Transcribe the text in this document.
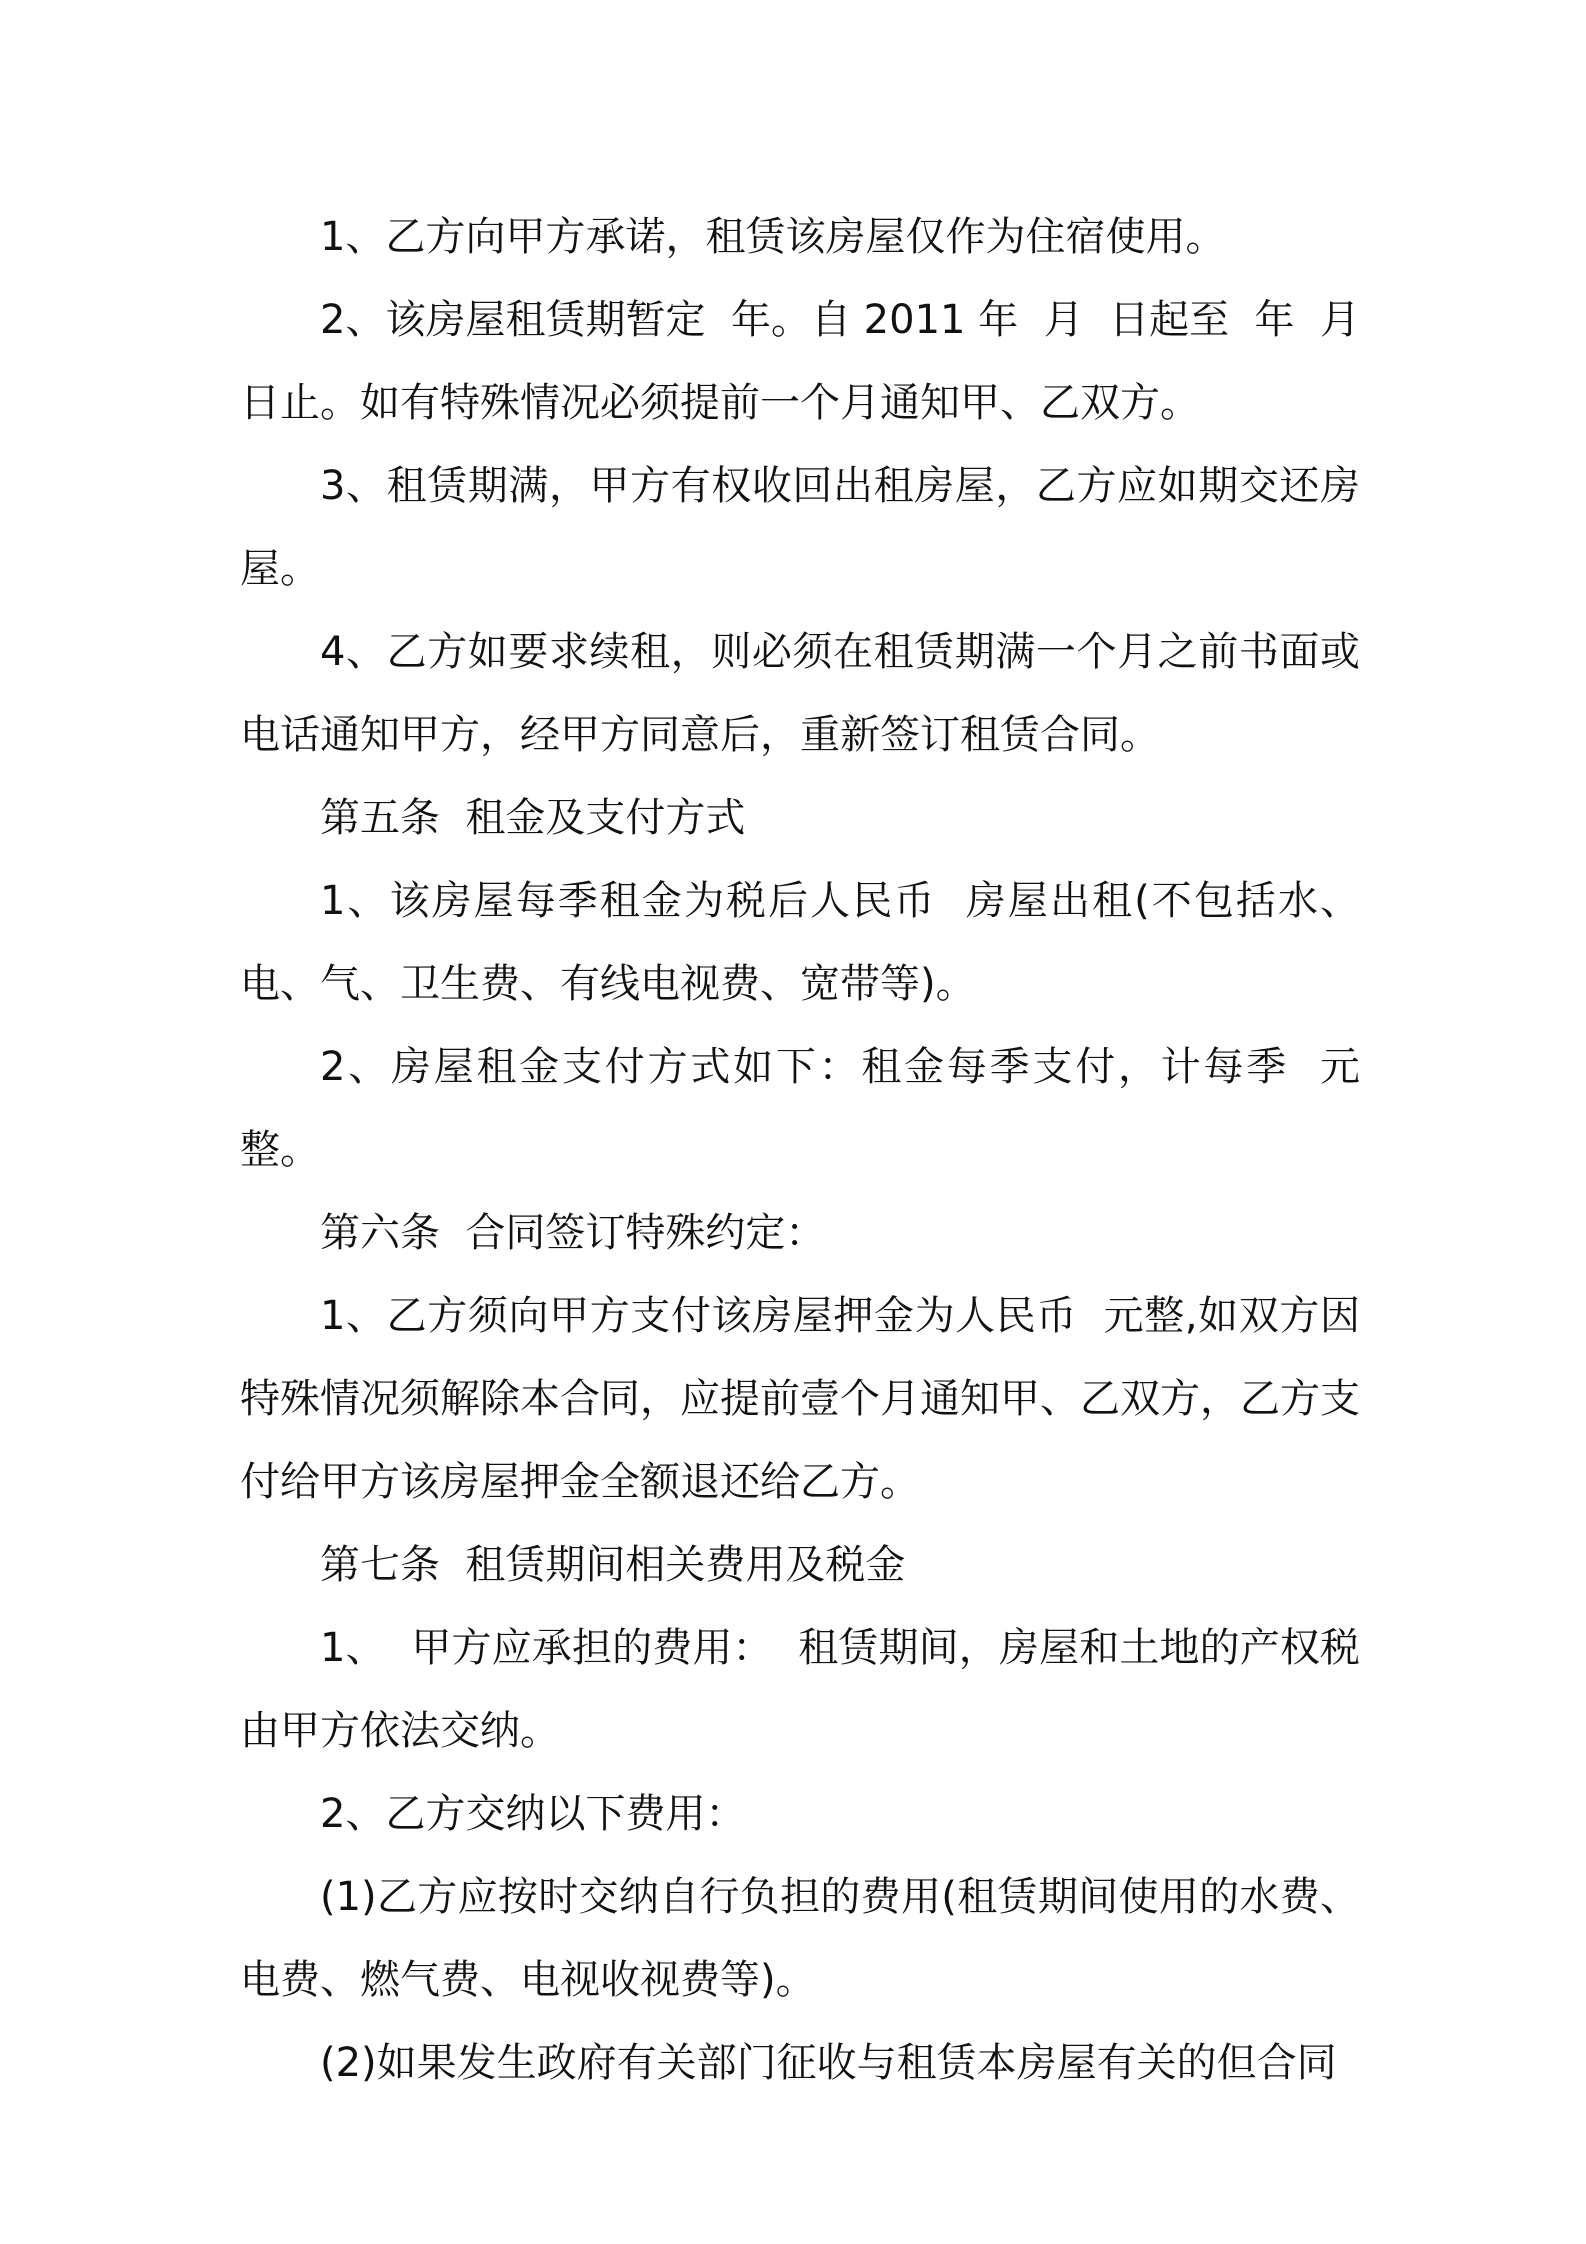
1、乙方向甲方承诺，租赁该房屋仅作为住宿使用。

2、该房屋租赁期暂定  年。自 2011 年  月  日起至  年  月  日止。如有特殊情况必须提前一个月通知甲、乙双方。

3、租赁期满，甲方有权收回出租房屋，乙方应如期交还房屋。

4、乙方如要求续租，则必须在租赁期满一个月之前书面或电话通知甲方，经甲方同意后，重新签订租赁合同。

第五条  租金及支付方式

1、该房屋每季租金为税后人民币  房屋出租(不包括水、电、气、卫生费、有线电视费、宽带等)。

2、房屋租金支付方式如下：租金每季支付，计每季  元整。

第六条  合同签订特殊约定：

1、乙方须向甲方支付该房屋押金为人民币  元整,如双方因特殊情况须解除本合同，应提前壹个月通知甲、乙双方，乙方支付给甲方该房屋押金全额退还给乙方。

第七条  租赁期间相关费用及税金

1、  甲方应承担的费用：  租赁期间，房屋和土地的产权税由甲方依法交纳。

2、乙方交纳以下费用：

(1)乙方应按时交纳自行负担的费用(租赁期间使用的水费、电费、燃气费、电视收视费等)。

(2)如果发生政府有关部门征收与租赁本房屋有关的但合同
